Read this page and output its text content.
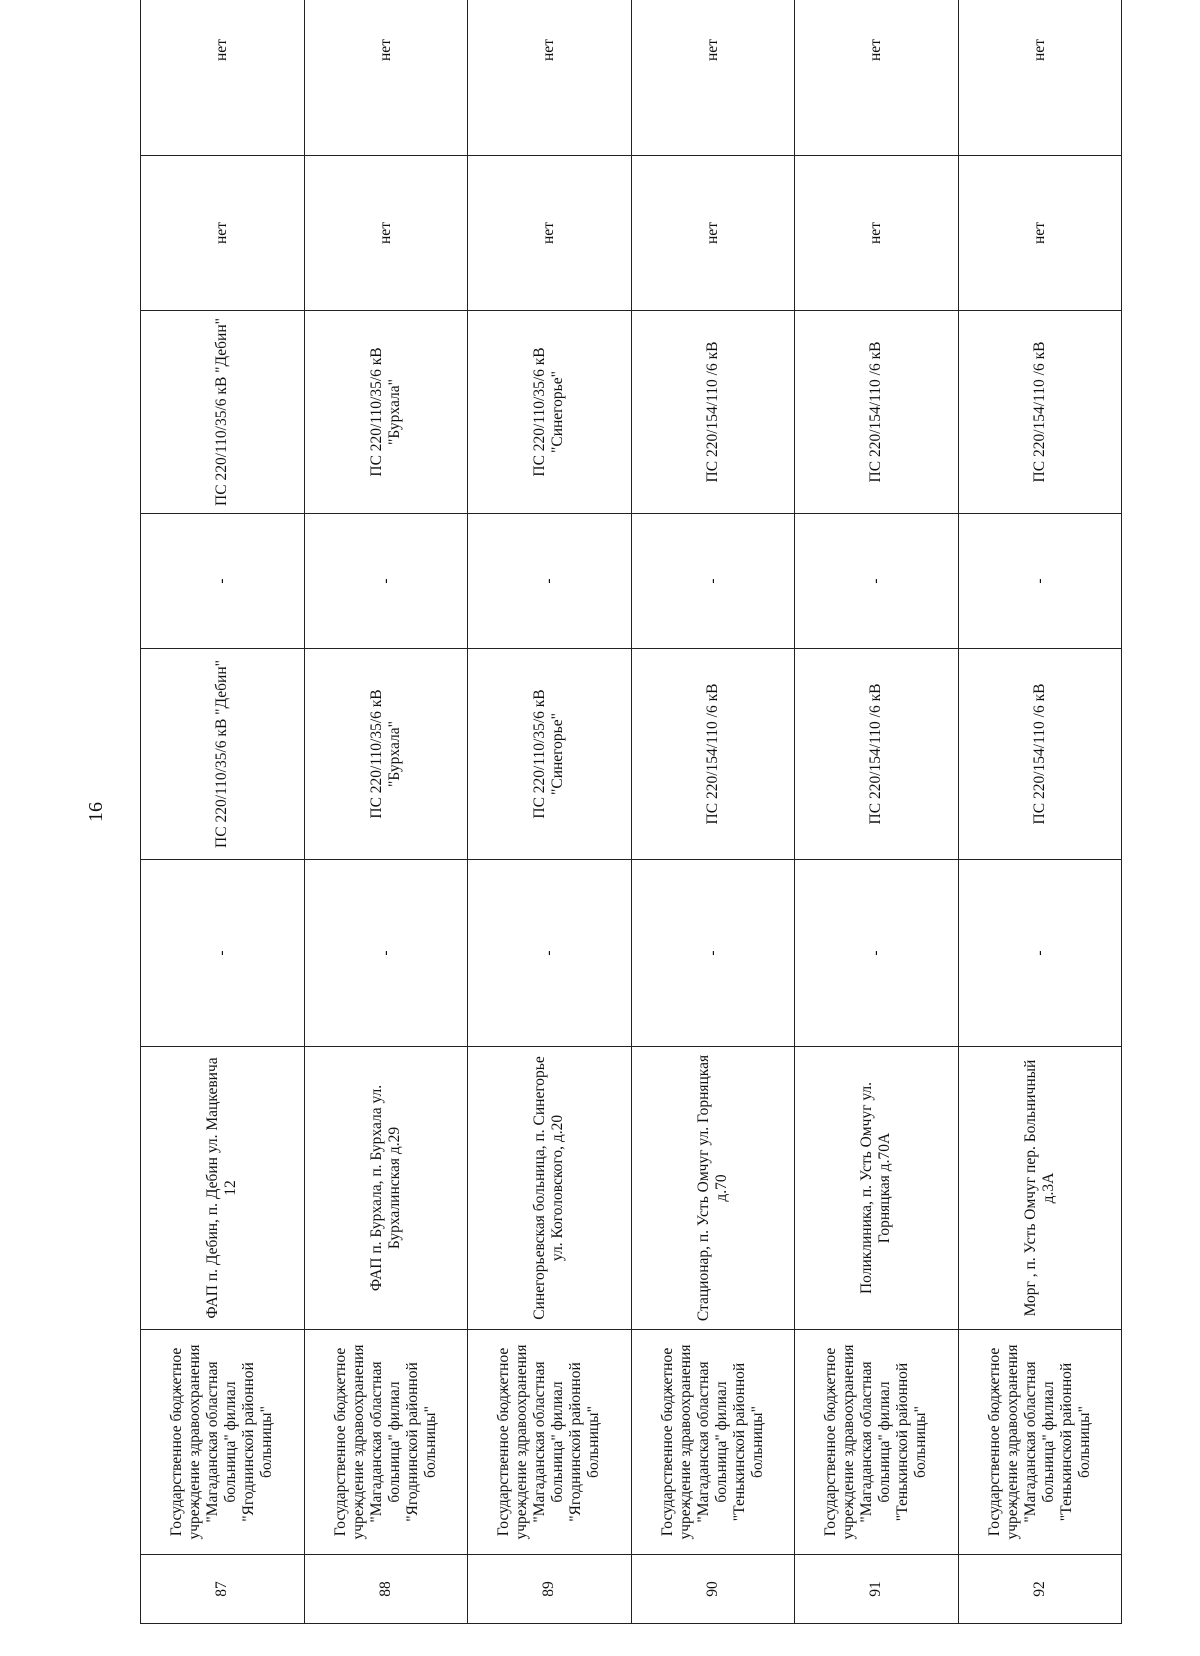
16
87	Государственное бюджетное учреждение здравоохранения "Магаданская областная больница" филиал "Ягоднинской районной больницы"	ФАП п. Дебин, п. Дебин ул. Мацкевича 12	-	ПС 220/110/35/6 кВ "Дебин"	-	ПС 220/110/35/6 кВ "Дебин"	нет	нет
88	Государственное бюджетное учреждение здравоохранения "Магаданская областная больница" филиал "Ягоднинской районной больницы"	ФАП п. Бурхала, п. Бурхала ул. Бурхалинская д.29	-	ПС 220/110/35/6 кВ "Бурхала"	-	ПС 220/110/35/6 кВ "Бурхала"	нет	нет
89	Государственное бюджетное учреждение здравоохранения "Магаданская областная больница" филиал "Ягоднинской районной больницы"	Синегорьевская больница, п. Синегорье ул. Коголовского, д.20	-	ПС 220/110/35/6 кВ "Синегорье"	-	ПС 220/110/35/6 кВ "Синегорье"	нет	нет
90	Государственное бюджетное учреждение здравоохранения "Магаданская областная больница" филиал "Тенькинской районной больницы"	Стационар, п. Усть Омчуг ул. Горняцкая д.70	-	ПС 220/154/110 /6 кВ	-	ПС 220/154/110 /6 кВ	нет	нет
91	Государственное бюджетное учреждение здравоохранения "Магаданская областная больница" филиал "Тенькинской районной больницы"	Поликлиника, п. Усть Омчуг ул. Горняцкая д.70А	-	ПС 220/154/110 /6 кВ	-	ПС 220/154/110 /6 кВ	нет	нет
92	Государственное бюджетное учреждение здравоохранения "Магаданская областная больница" филиал "Тенькинской районной больницы"	Морг , п. Усть Омчуг пер. Больничный д.3А	-	ПС 220/154/110 /6 кВ	-	ПС 220/154/110 /6 кВ	нет	нет
